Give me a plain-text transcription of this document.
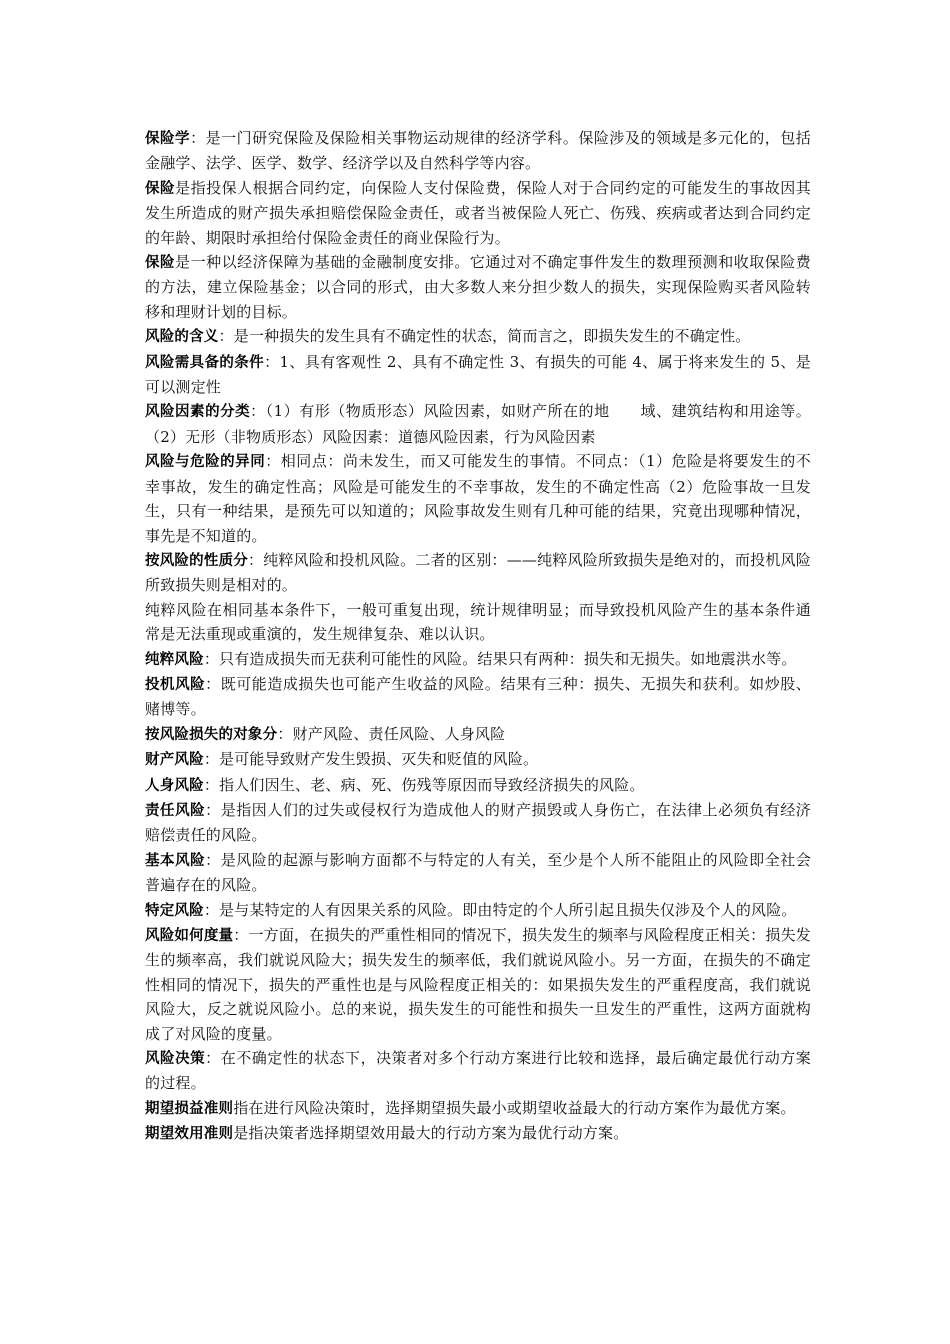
保险学：是一门研究保险及保险相关事物运动规律的经济学科。保险涉及的领域是多元化的，包括金融学、法学、医学、数学、经济学以及自然科学等内容。

保险是指投保人根据合同约定，向保险人支付保险费，保险人对于合同约定的可能发生的事故因其发生所造成的财产损失承担赔偿保险金责任，或者当被保险人死亡、伤残、疾病或者达到合同约定的年龄、期限时承担给付保险金责任的商业保险行为。

保险是一种以经济保障为基础的金融制度安排。它通过对不确定事件发生的数理预测和收取保险费的方法，建立保险基金；以合同的形式，由大多数人来分担少数人的损失，实现保险购买者风险转移和理财计划的目标。

风险的含义：是一种损失的发生具有不确定性的状态，简而言之，即损失发生的不确定性。

风险需具备的条件：1、具有客观性 2、具有不确定性 3、有损失的可能 4、属于将来发生的 5、是可以测定性

风险因素的分类：（1）有形（物质形态）风险因素，如财产所在的地　　域、建筑结构和用途等。（2）无形（非物质形态）风险因素：道德风险因素，行为风险因素

风险与危险的异同：相同点：尚未发生，而又可能发生的事情。不同点：（1）危险是将要发生的不幸事故，发生的确定性高；风险是可能发生的不幸事故，发生的不确定性高（2）危险事故一旦发生，只有一种结果，是预先可以知道的；风险事故发生则有几种可能的结果，究竟出现哪种情况，事先是不知道的。

按风险的性质分：纯粹风险和投机风险。二者的区别：——纯粹风险所致损失是绝对的，而投机风险所致损失则是相对的。

纯粹风险在相同基本条件下，一般可重复出现，统计规律明显；而导致投机风险产生的基本条件通常是无法重现或重演的，发生规律复杂、难以认识。

纯粹风险：只有造成损失而无获利可能性的风险。结果只有两种：损失和无损失。如地震洪水等。

投机风险：既可能造成损失也可能产生收益的风险。结果有三种：损失、无损失和获利。如炒股、赌博等。

按风险损失的对象分：财产风险、责任风险、人身风险

财产风险：是可能导致财产发生毁损、灭失和贬值的风险。

人身风险：指人们因生、老、病、死、伤残等原因而导致经济损失的风险。

责任风险：是指因人们的过失或侵权行为造成他人的财产损毁或人身伤亡，在法律上必须负有经济赔偿责任的风险。

基本风险：是风险的起源与影响方面都不与特定的人有关，至少是个人所不能阻止的风险即全社会普遍存在的风险。

特定风险：是与某特定的人有因果关系的风险。即由特定的个人所引起且损失仅涉及个人的风险。

风险如何度量：一方面，在损失的严重性相同的情况下，损失发生的频率与风险程度正相关：损失发生的频率高，我们就说风险大；损失发生的频率低，我们就说风险小。另一方面，在损失的不确定性相同的情况下，损失的严重性也是与风险程度正相关的：如果损失发生的严重程度高，我们就说风险大，反之就说风险小。总的来说，损失发生的可能性和损失一旦发生的严重性，这两方面就构成了对风险的度量。

风险决策：在不确定性的状态下，决策者对多个行动方案进行比较和选择，最后确定最优行动方案的过程。

期望损益准则指在进行风险决策时，选择期望损失最小或期望收益最大的行动方案作为最优方案。

期望效用准则是指决策者选择期望效用最大的行动方案为最优行动方案。
